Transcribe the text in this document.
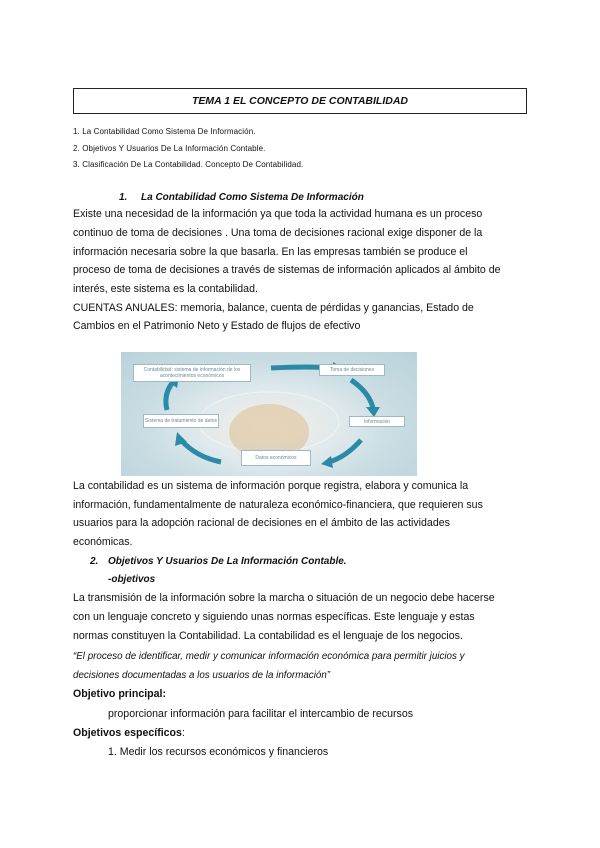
TEMA 1 EL CONCEPTO DE CONTABILIDAD
1. La Contabilidad Como Sistema De Información.
2. Objetivos Y Usuarios De La Información Contable.
3. Clasificación De La Contabilidad. Concepto De Contabilidad.
1. La Contabilidad Como Sistema De Información
Existe una necesidad de la información ya que toda la actividad humana es un proceso
continuo de toma de decisiones . Una toma de decisiones racional exige disponer de la
información necesaria sobre la que basarla. En las empresas también se produce el
proceso de toma de decisiones a través de sistemas de información aplicados al ámbito de
interés, este sistema es la contabilidad.
CUENTAS ANUALES: memoria, balance, cuenta de pérdidas y ganancias, Estado de
Cambios en el Patrimonio Neto y Estado de flujos de efectivo
Contabilidad: sistema de información de los acontecimientos económicos
Toma de decisiones
Información
Datos económicos
Sistema de tratamiento de datos
La contabilidad es un sistema de información porque registra, elabora y comunica la
información, fundamentalmente de naturaleza económico-financiera, que requieren sus
usuarios para la adopción racional de decisiones en el ámbito de las actividades
económicas.
2. Objetivos Y Usuarios De La Información Contable.
-objetivos
La transmisión de la información sobre la marcha o situación de un negocio debe hacerse
con un lenguaje concreto y siguiendo unas normas específicas. Este lenguaje y estas
normas constituyen la Contabilidad. La contabilidad es el lenguaje de los negocios.
“El proceso de identificar, medir y comunicar información económica para permitir juicios y
decisiones documentadas a los usuarios de la información”
Objetivo principal:
proporcionar información para facilitar el intercambio de recursos
Objetivos específicos:
1. Medir los recursos económicos y financieros
